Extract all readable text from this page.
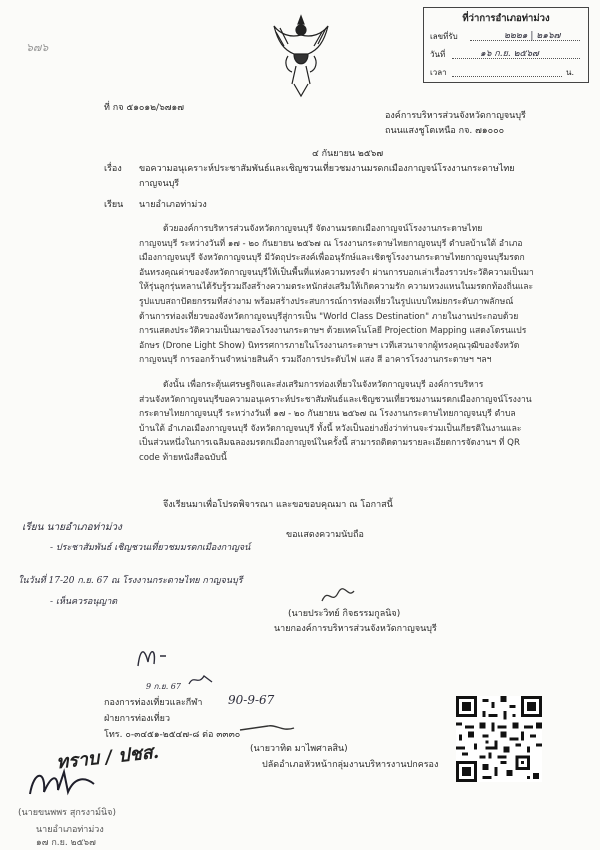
ที่ว่าการอำเภอท่าม่วง
เลขที่รับ	๒๒๒๑ | ๒๑๖๗
วันที่	๑๖ ก.ย. ๒๕๖๗
เวลา	น.
๖๗๖
ที่ กจ ๕๑๐๑๒/๖๗๑๗
องค์การบริหารส่วนจังหวัดกาญจนบุรี
ถนนแสงชูโตเหนือ กจ. ๗๑๐๐๐
๔ กันยายน ๒๕๖๗
เรื่อง ขอความอนุเคราะห์ประชาสัมพันธ์และเชิญชวนเที่ยวชมงานมรดกเมืองกาญจน์โรงงานกระดาษไทย
กาญจนบุรี
เรียน นายอำเภอท่าม่วง
ด้วยองค์การบริหารส่วนจังหวัดกาญจนบุรี จัดงานมรดกเมืองกาญจน์โรงงานกระดาษไทย
กาญจนบุรี ระหว่างวันที่ ๑๗ - ๒๐ กันยายน ๒๕๖๗ ณ โรงงานกระดาษไทยกาญจนบุรี ตำบลบ้านใต้ อำเภอ
เมืองกาญจนบุรี จังหวัดกาญจนบุรี มีวัตถุประสงค์เพื่ออนุรักษ์และเชิดชูโรงงานกระดาษไทยกาญจนบุรีมรดก
อันทรงคุณค่าของจังหวัดกาญจนบุรีให้เป็นพื้นที่แห่งความทรงจำ ผ่านการบอกเล่าเรื่องราวประวัติความเป็นมา
ให้รุ่นลูกรุ่นหลานได้รับรู้รวมถึงสร้างความตระหนักส่งเสริมให้เกิดความรัก ความหวงแหนในมรดกท้องถิ่นและ
รูปแบบสถาปัตยกรรมที่สง่างาม พร้อมสร้างประสบการณ์การท่องเที่ยวในรูปแบบใหม่ยกระดับภาพลักษณ์
ด้านการท่องเที่ยวของจังหวัดกาญจนบุรีสู่การเป็น "World Class Destination" ภายในงานประกอบด้วย
การแสดงประวัติความเป็นมาของโรงงานกระดาษฯ ด้วยเทคโนโลยี Projection Mapping แสดงโดรนแปร
อักษร (Drone Light Show) นิทรรศการภายในโรงงานกระดาษฯ เวทีเสวนาจากผู้ทรงคุณวุฒิของจังหวัด
กาญจนบุรี การออกร้านจำหน่ายสินค้า รวมถึงการประดับไฟ แสง สี อาคารโรงงานกระดาษฯ ฯลฯ
ดังนั้น เพื่อกระตุ้นเศรษฐกิจและส่งเสริมการท่องเที่ยวในจังหวัดกาญจนบุรี องค์การบริหาร
ส่วนจังหวัดกาญจนบุรีขอความอนุเคราะห์ประชาสัมพันธ์และเชิญชวนเที่ยวชมงานมรดกเมืองกาญจน์โรงงาน
กระดาษไทยกาญจนบุรี ระหว่างวันที่ ๑๗ - ๒๐ กันยายน ๒๕๖๗ ณ โรงงานกระดาษไทยกาญจนบุรี ตำบล
บ้านใต้ อำเภอเมืองกาญจนบุรี จังหวัดกาญจนบุรี ทั้งนี้ หวังเป็นอย่างยิ่งว่าท่านจะร่วมเป็นเกียรติในงานและ
เป็นส่วนหนึ่งในการเฉลิมฉลองมรดกเมืองกาญจน์ในครั้งนี้ สามารถติดตามรายละเอียดการจัดงานฯ ที่ QR
code ท้ายหนังสือฉบับนี้
จึงเรียนมาเพื่อโปรดพิจารณา และขอขอบคุณมา ณ โอกาสนี้
ขอแสดงความนับถือ
เรียน นายอำเภอท่าม่วง
- ประชาสัมพันธ์ เชิญชวนเที่ยวชมมรดกเมืองกาญจน์
ในวันที่ 17-20 ก.ย. 67 ณ โรงงานกระดาษไทย กาญจนบุรี
- เห็นควรอนุญาต
(นายประวิทย์ กิจธรรมกูลนิจ)
นายกองค์การบริหารส่วนจังหวัดกาญจนบุรี
9 ก.ย. 67
กองการท่องเที่ยวและกีฬา 90-9-67
ฝ่ายการท่องเที่ยว
โทร. ๐-๓๔๕๑-๒๕๔๗-๘ ต่อ ๓๓๓๐
(นายวาทิต มาไพศาลสิน)
ปลัดอำเภอหัวหน้ากลุ่มงานบริหารงานปกครอง
ทราบ / ปชส.
(นายขนพพร สุกรงาม์นิจ)
นายอำเภอท่าม่วง
๑๗ ก.ย. ๒๕๖๗
